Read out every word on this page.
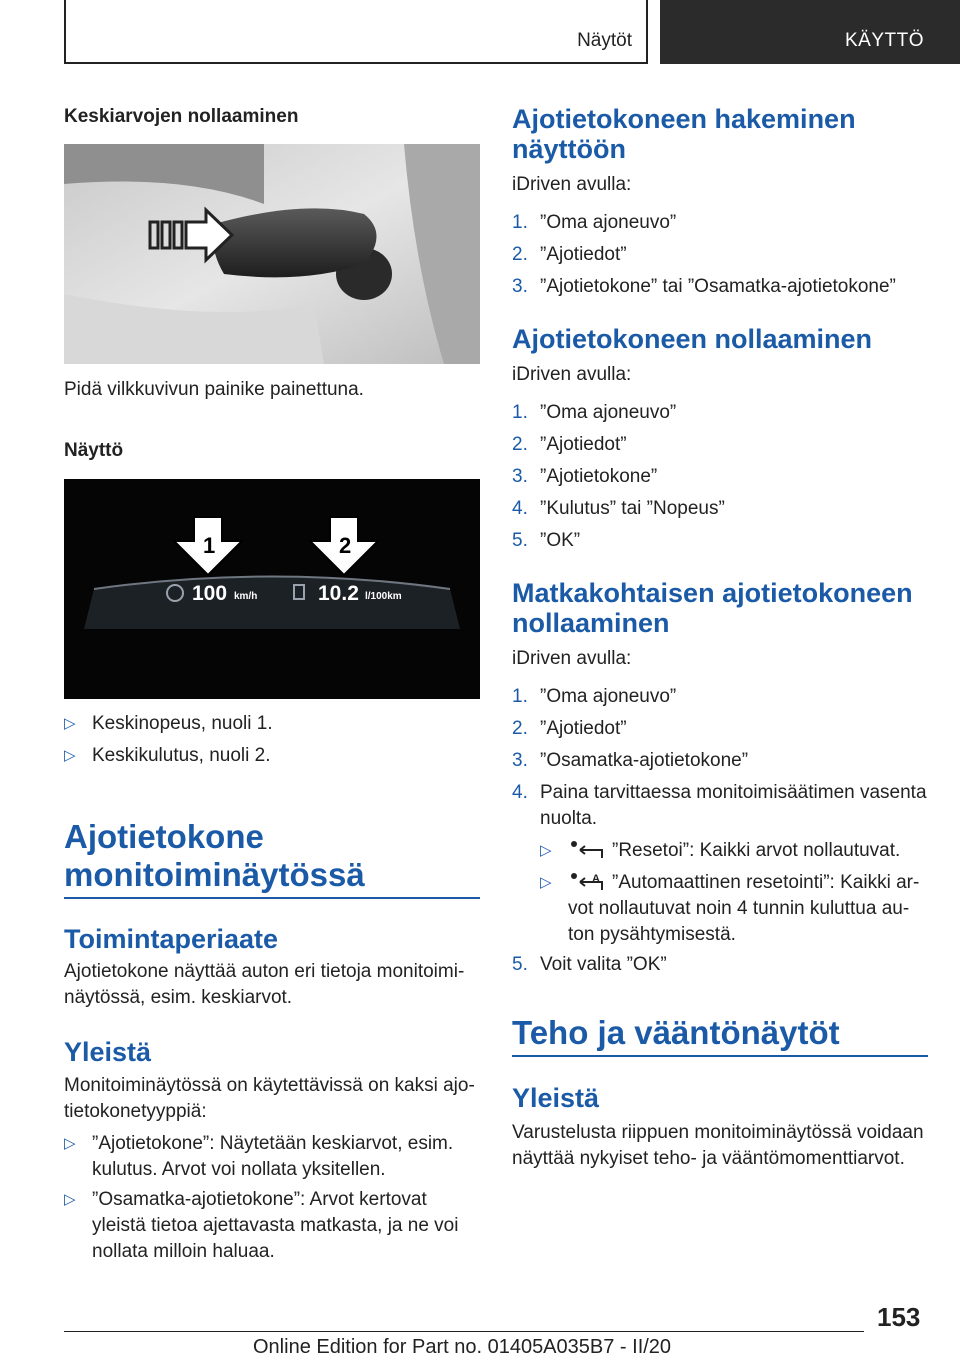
Näytöt	KÄYTTÖ
Keskiarvojen nollaaminen

Pidä vilkkuvivun painike painettuna.

Näyttö
1	2
100 km/h	10.2 l/100km
▷ Keskinopeus, nuoli 1.
▷ Keskikulutus, nuoli 2.
Ajotietokone
monitoiminäytössä
Toimintaperiaate

Ajotietokone näyttää auton eri tietoja monitoimi‐

näytössä, esim. keskiarvot.

Yleistä

Monitoiminäytössä on käytettävissä on kaksi ajo‐

tietokonetyyppiä:

▷ ”Ajotietokone”: Näytetään keskiarvot, esim.
kulutus. Arvot voi nollata yksitellen.
▷ ”Osamatka-ajotietokone”: Arvot kertovat
yleistä tietoa ajettavasta matkasta, ja ne voi
nollata milloin haluaa.
Ajotietokoneen hakeminen
näyttöön

iDriven avulla:

1. ”Oma ajoneuvo”
2. ”Ajotiedot”
3. ”Ajotietokone” tai ”Osamatka-ajotietokone”
Ajotietokoneen nollaaminen

iDriven avulla:

1. ”Oma ajoneuvo”
2. ”Ajotiedot”
3. ”Ajotietokone”
4. ”Kulutus” tai ”Nopeus”
5. ”OK”
Matkakohtaisen ajotietokoneen
nollaaminen

iDriven avulla:

1. ”Oma ajoneuvo”
2. ”Ajotiedot”
3. ”Osamatka-ajotietokone”
4. Paina tarvittaessa monitoimisäätimen vasenta
nuolta.
▷	”Resetoi”: Kaikki arvot nollautuvat.
▷	A ”Automaattinen resetointi”: Kaikki ar‐
vot nollautuvat noin 4 tunnin kuluttua au‐
ton pysähtymisestä.
5. Voit valita ”OK”
Teho ja vääntönäytöt
Yleistä

Varustelusta riippuen monitoiminäytössä voidaan

näyttää nykyiset teho- ja vääntömomenttiarvot.

153
Online Edition for Part no. 01405A035B7 - II/20
